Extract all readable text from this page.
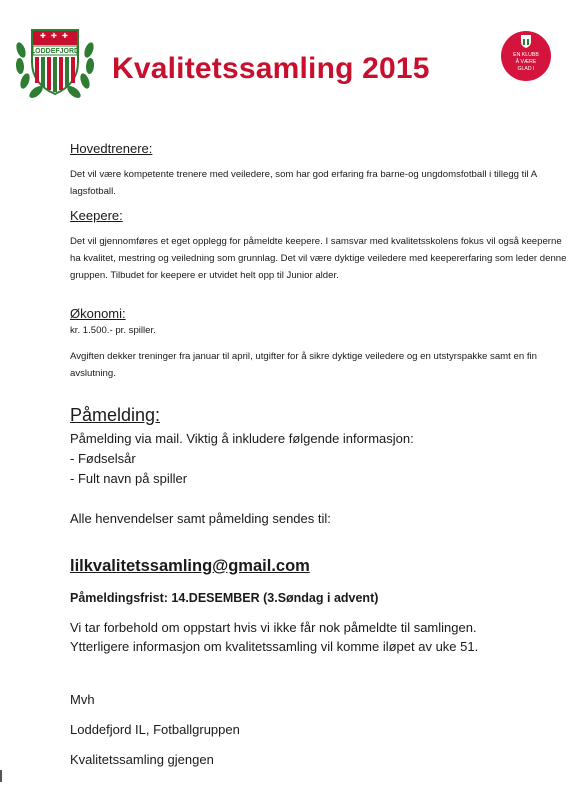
✚ ✚ ✚
LODDEFJORD
Kvalitetssamling 2015	EN KLUBB
Å VÆRE
GLAD I
Hovedtrenere:
Det vil være kompetente trenere med veiledere, som har god erfaring fra barne-og ungdomsfotball i tillegg til A lagsfotball.
Keepere:
Det vil gjennomføres et eget opplegg for påmeldte keepere. I samsvar med kvalitetsskolens fokus vil også keeperne ha kvalitet, mestring og veiledning som grunnlag. Det vil være dyktige veiledere med keepererfaring som leder denne gruppen. Tilbudet for keepere er utvidet helt opp til Junior alder.
Økonomi:
kr. 1.500.- pr. spiller.
Avgiften dekker treninger fra januar til april, utgifter for å sikre dyktige veiledere og en utstyrspakke samt en fin avslutning.
Påmelding:
Påmelding via mail. Viktig å inkludere følgende informasjon:
- Fødselsår
- Fult navn på spiller
Alle henvendelser samt påmelding sendes til:
lilkvalitetssamling@gmail.com
Påmeldingsfrist: 14.DESEMBER (3.Søndag i advent)
Vi tar forbehold om oppstart hvis vi ikke får nok påmeldte til samlingen.
Ytterligere informasjon om kvalitetssamling vil komme iløpet av uke 51.
Mvh
Loddefjord IL, Fotballgruppen
Kvalitetssamling gjengen
